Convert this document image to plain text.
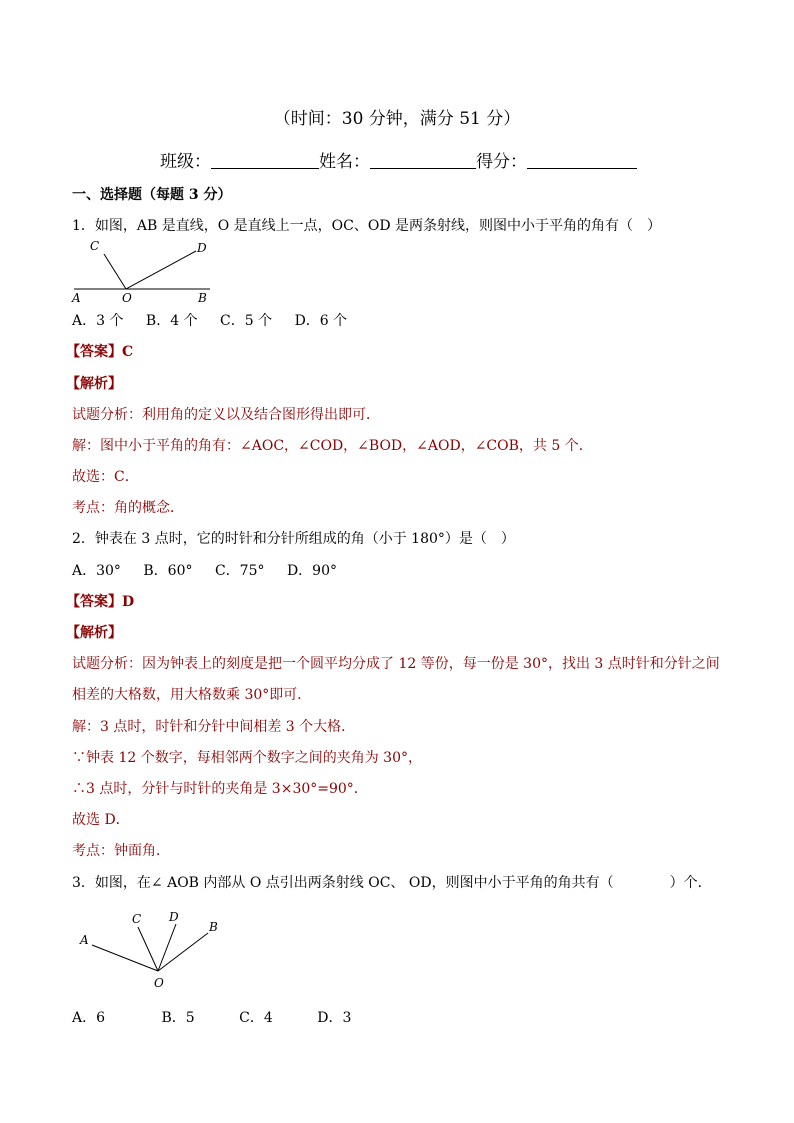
（时间：30 分钟，满分 51 分）
班级：	姓名：	得分：
一、选择题（每题 3 分）
1．如图，AB 是直线，O 是直线上一点，OC、OD 是两条射线，则图中小于平角的角有（　）
C	D
A	O	B
A．3 个 B．4 个 C．5 个 D．6 个
【答案】C
【解析】
试题分析：利用角的定义以及结合图形得出即可．
解：图中小于平角的角有：∠AOC，∠COD，∠BOD，∠AOD，∠COB，共 5 个．
故选：C．
考点：角的概念．
2．钟表在 3 点时，它的时针和分针所组成的角（小于 180°）是（　）
A．30° B．60° C．75° D．90°
【答案】D
【解析】
试题分析：因为钟表上的刻度是把一个圆平均分成了 12 等份，每一份是 30°，找出 3 点时针和分针之间
相差的大格数，用大格数乘 30°即可．
解：3 点时，时针和分针中间相差 3 个大格．
∵钟表 12 个数字，每相邻两个数字之间的夹角为 30°，
∴3 点时，分针与时针的夹角是 3×30°=90°．
故选 D．
考点：钟面角．
3．如图，在∠ AOB 内部从 O 点引出两条射线 OC、 OD，则图中小于平角的角共有（　　　　）个．
A
C D
B
O
A．6	B．5	C．4	D．3
